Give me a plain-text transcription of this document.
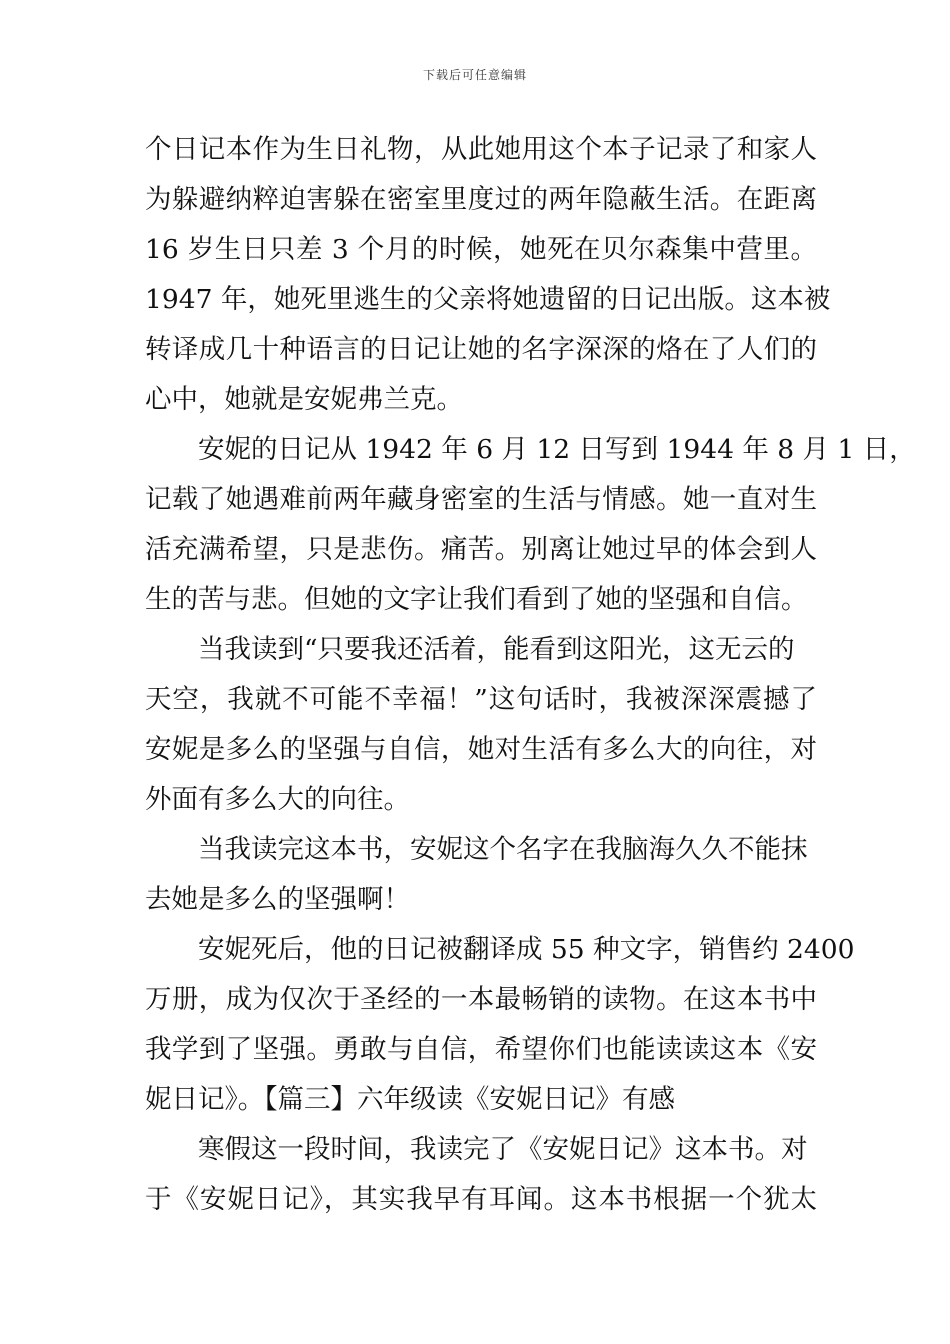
下载后可任意编辑
个日记本作为生日礼物，从此她用这个本子记录了和家人
为躲避纳粹迫害躲在密室里度过的两年隐蔽生活。在距离
16 岁生日只差 3 个月的时候，她死在贝尔森集中营里。
1947 年，她死里逃生的父亲将她遗留的日记出版。这本被
转译成几十种语言的日记让她的名字深深的烙在了人们的
心中，她就是安妮弗兰克。
安妮的日记从 1942 年 6 月 12 日写到 1944 年 8 月 1 日，
记载了她遇难前两年藏身密室的生活与情感。她一直对生
活充满希望，只是悲伤。痛苦。别离让她过早的体会到人
生的苦与悲。但她的文字让我们看到了她的坚强和自信。
当我读到“只要我还活着，能看到这阳光，这无云的
天空，我就不可能不幸福！”这句话时，我被深深震撼了
安妮是多么的坚强与自信，她对生活有多么大的向往，对
外面有多么大的向往。
当我读完这本书，安妮这个名字在我脑海久久不能抹
去她是多么的坚强啊！
安妮死后，他的日记被翻译成 55 种文字，销售约 2400
万册，成为仅次于圣经的一本最畅销的读物。在这本书中
我学到了坚强。勇敢与自信，希望你们也能读读这本《安
妮日记》。【篇三】六年级读《安妮日记》有感
寒假这一段时间，我读完了《安妮日记》这本书。对
于《安妮日记》，其实我早有耳闻。这本书根据一个犹太
